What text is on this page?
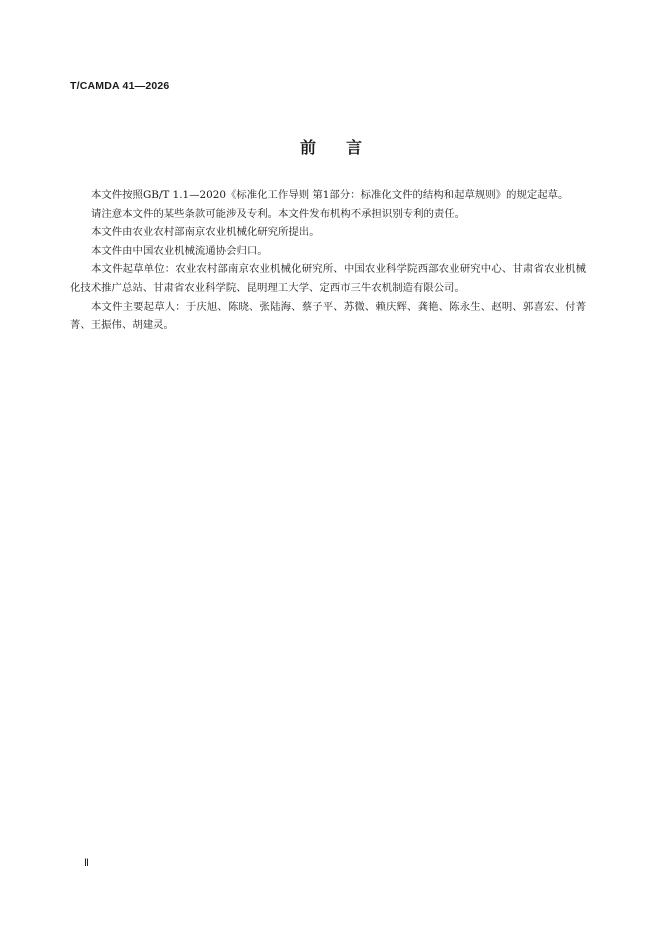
T/CAMDA 41—2026
前言

本文件按照GB/T 1.1—2020《标准化工作导则 第1部分：标准化文件的结构和起草规则》的规定起草。

请注意本文件的某些条款可能涉及专利。本文件发布机构不承担识别专利的责任。

本文件由农业农村部南京农业机械化研究所提出。

本文件由中国农业机械流通协会归口。

本文件起草单位：农业农村部南京农业机械化研究所、中国农业科学院西部农业研究中心、甘肃省农业机械化技术推广总站、甘肃省农业科学院、昆明理工大学、定西市三牛农机制造有限公司。

本文件主要起草人：于庆旭、陈晓、张陆海、蔡子平、苏微、赖庆辉、龚艳、陈永生、赵明、郭喜宏、付菁菁、王振伟、胡建灵。

Ⅱ
